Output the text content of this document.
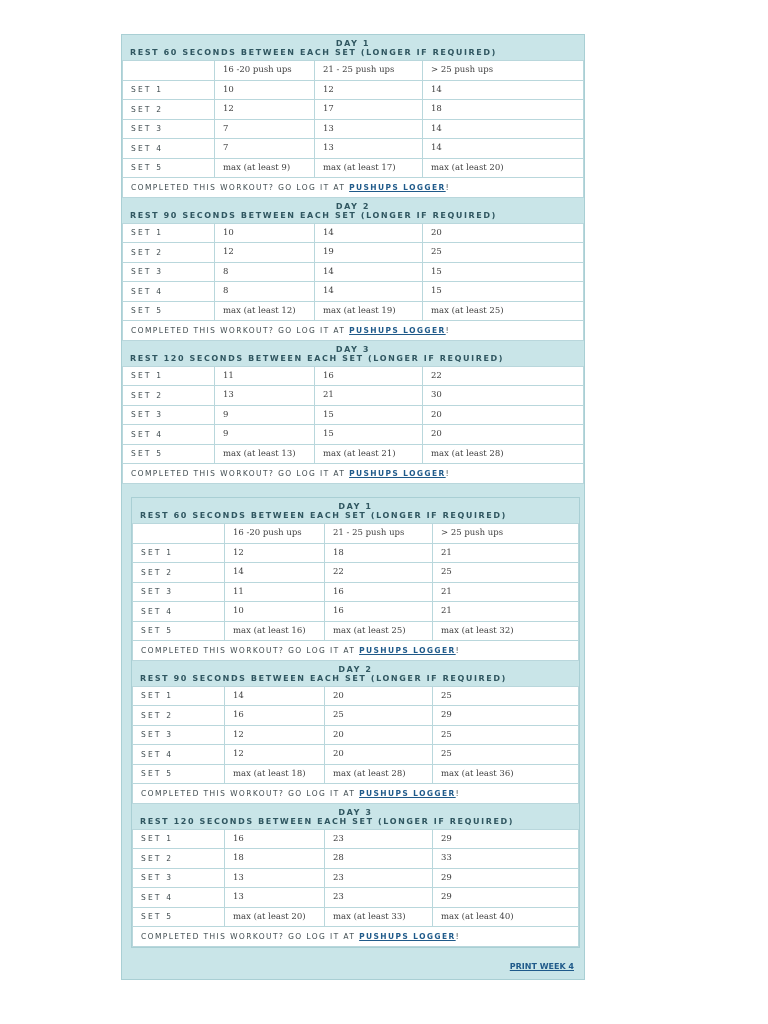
DAY 1
REST 60 SECONDS BETWEEN EACH SET (LONGER IF REQUIRED)
	16 -20 push ups	21 - 25 push ups	> 25 push ups
SET 1	10	12	14
SET 2	12	17	18
SET 3	7	13	14
SET 4	7	13	14
SET 5	max (at least 9)	max (at least 17)	max (at least 20)
COMPLETED THIS WORKOUT? GO LOG IT AT PUSHUPS LOGGER!			
DAY 2
REST 90 SECONDS BETWEEN EACH SET (LONGER IF REQUIRED)
SET 1	10	14	20
SET 2	12	19	25
SET 3	8	14	15
SET 4	8	14	15
SET 5	max (at least 12)	max (at least 19)	max (at least 25)
COMPLETED THIS WORKOUT? GO LOG IT AT PUSHUPS LOGGER!			
DAY 3
REST 120 SECONDS BETWEEN EACH SET (LONGER IF REQUIRED)
SET 1	11	16	22
SET 2	13	21	30
SET 3	9	15	20
SET 4	9	15	20
SET 5	max (at least 13)	max (at least 21)	max (at least 28)
COMPLETED THIS WORKOUT? GO LOG IT AT PUSHUPS LOGGER!			
DAY 1
REST 60 SECONDS BETWEEN EACH SET (LONGER IF REQUIRED)
	16 -20 push ups	21 - 25 push ups	> 25 push ups
SET 1	12	18	21
SET 2	14	22	25
SET 3	11	16	21
SET 4	10	16	21
SET 5	max (at least 16)	max (at least 25)	max (at least 32)
COMPLETED THIS WORKOUT? GO LOG IT AT PUSHUPS LOGGER!			
DAY 2
REST 90 SECONDS BETWEEN EACH SET (LONGER IF REQUIRED)
SET 1	14	20	25
SET 2	16	25	29
SET 3	12	20	25
SET 4	12	20	25
SET 5	max (at least 18)	max (at least 28)	max (at least 36)
COMPLETED THIS WORKOUT? GO LOG IT AT PUSHUPS LOGGER!			
DAY 3
REST 120 SECONDS BETWEEN EACH SET (LONGER IF REQUIRED)
SET 1	16	23	29
SET 2	18	28	33
SET 3	13	23	29
SET 4	13	23	29
SET 5	max (at least 20)	max (at least 33)	max (at least 40)
COMPLETED THIS WORKOUT? GO LOG IT AT PUSHUPS LOGGER!			
PRINT WEEK 4
